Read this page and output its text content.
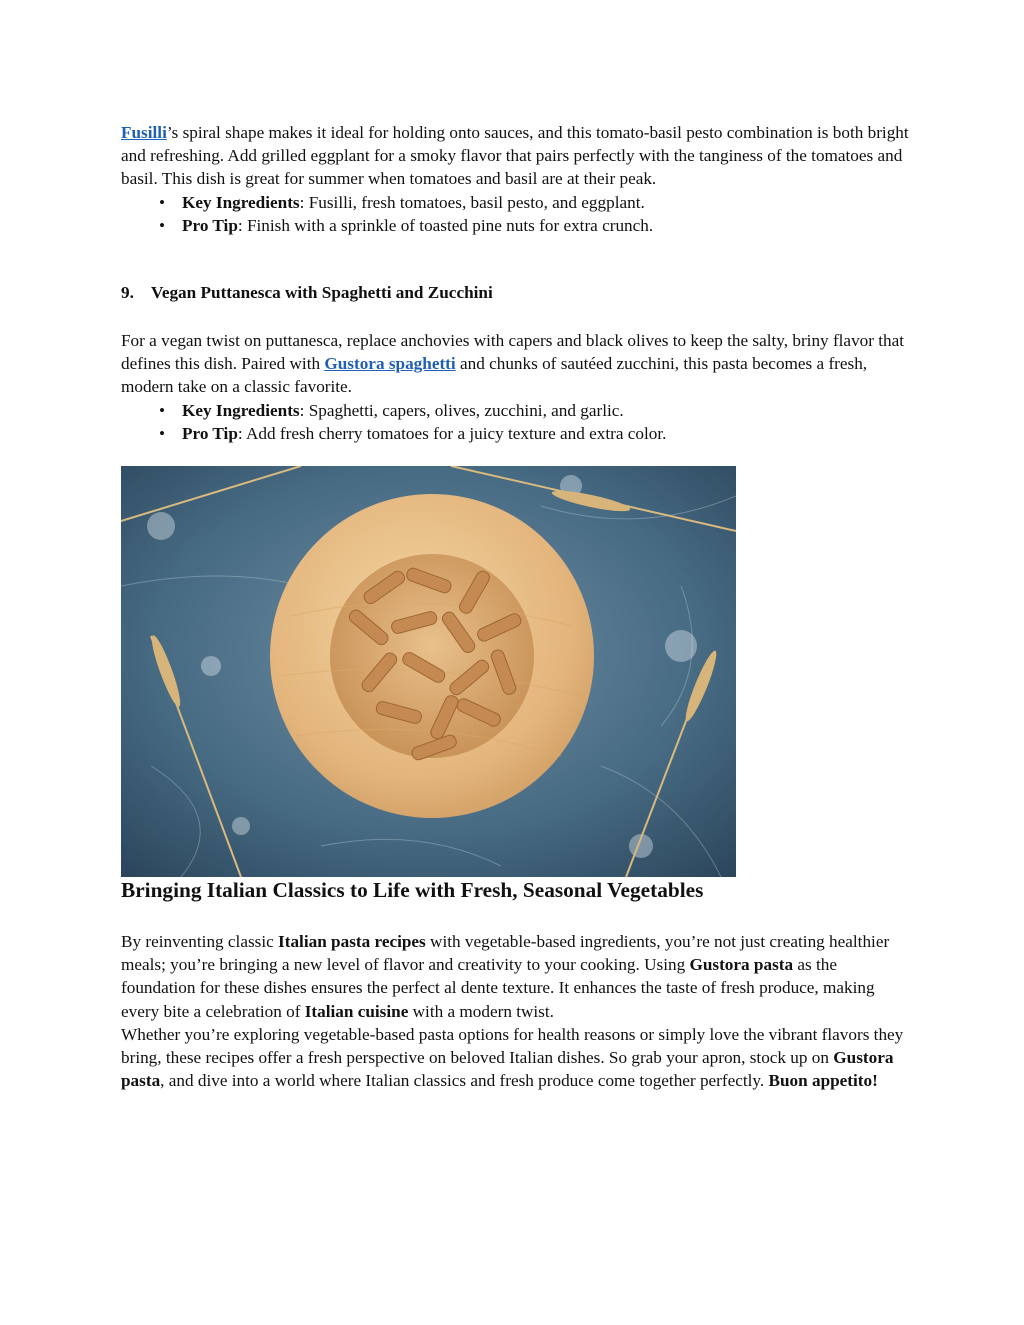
Fusilli’s spiral shape makes it ideal for holding onto sauces, and this tomato-basil pesto combination is both bright and refreshing. Add grilled eggplant for a smoky flavor that pairs perfectly with the tanginess of the tomatoes and basil. This dish is great for summer when tomatoes and basil are at their peak.

• Key Ingredients: Fusilli, fresh tomatoes, basil pesto, and eggplant.
• Pro Tip: Finish with a sprinkle of toasted pine nuts for extra crunch.
9. Vegan Puttanesca with Spaghetti and Zucchini

For a vegan twist on puttanesca, replace anchovies with capers and black olives to keep the salty, briny flavor that defines this dish. Paired with Gustora spaghetti and chunks of sautéed zucchini, this pasta becomes a fresh, modern take on a classic favorite.

• Key Ingredients: Spaghetti, capers, olives, zucchini, and garlic.
• Pro Tip: Add fresh cherry tomatoes for a juicy texture and extra color.
Bringing Italian Classics to Life with Fresh, Seasonal Vegetables

By reinventing classic Italian pasta recipes with vegetable-based ingredients, you’re not just creating healthier meals; you’re bringing a new level of flavor and creativity to your cooking. Using Gustora pasta as the foundation for these dishes ensures the perfect al dente texture. It enhances the taste of fresh produce, making every bite a celebration of Italian cuisine with a modern twist.

Whether you’re exploring vegetable-based pasta options for health reasons or simply love the vibrant flavors they bring, these recipes offer a fresh perspective on beloved Italian dishes. So grab your apron, stock up on Gustora pasta, and dive into a world where Italian classics and fresh produce come together perfectly. Buon appetito!
